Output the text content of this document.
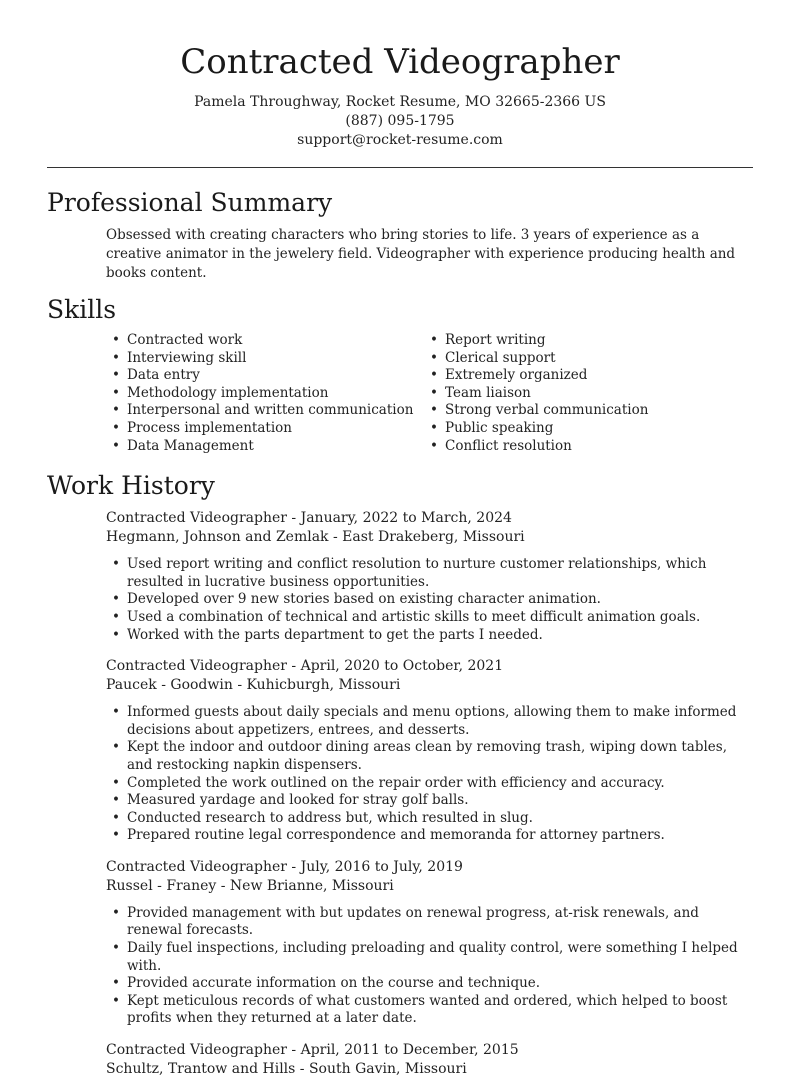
Contracted Videographer

Pamela Throughway, Rocket Resume, MO 32665-2366 US

(887) 095-1795

support@rocket-resume.com

Professional Summary

Obsessed with creating characters who bring stories to life. 3 years of experience as a creative animator in the jewelery field. Videographer with experience producing health and books content.

Skills
• Contracted work
• Interviewing skill
• Data entry
• Methodology implementation
• Interpersonal and written communication
• Process implementation
• Data Management
• Report writing
• Clerical support
• Extremely organized
• Team liaison
• Strong verbal communication
• Public speaking
• Conflict resolution
Work History

Contracted Videographer - January, 2022 to March, 2024

Hegmann, Johnson and Zemlak - East Drakeberg, Missouri

• Used report writing and conflict resolution to nurture customer relationships, which resulted in lucrative business opportunities.
• Developed over 9 new stories based on existing character animation.
• Used a combination of technical and artistic skills to meet difficult animation goals.
• Worked with the parts department to get the parts I needed.

Contracted Videographer - April, 2020 to October, 2021

Paucek - Goodwin - Kuhicburgh, Missouri

• Informed guests about daily specials and menu options, allowing them to make informed decisions about appetizers, entrees, and desserts.
• Kept the indoor and outdoor dining areas clean by removing trash, wiping down tables, and restocking napkin dispensers.
• Completed the work outlined on the repair order with efficiency and accuracy.
• Measured yardage and looked for stray golf balls.
• Conducted research to address but, which resulted in slug.
• Prepared routine legal correspondence and memoranda for attorney partners.

Contracted Videographer - July, 2016 to July, 2019

Russel - Franey - New Brianne, Missouri

• Provided management with but updates on renewal progress, at-risk renewals, and renewal forecasts.
• Daily fuel inspections, including preloading and quality control, were something I helped with.
• Provided accurate information on the course and technique.
• Kept meticulous records of what customers wanted and ordered, which helped to boost profits when they returned at a later date.

Contracted Videographer - April, 2011 to December, 2015

Schultz, Trantow and Hills - South Gavin, Missouri
